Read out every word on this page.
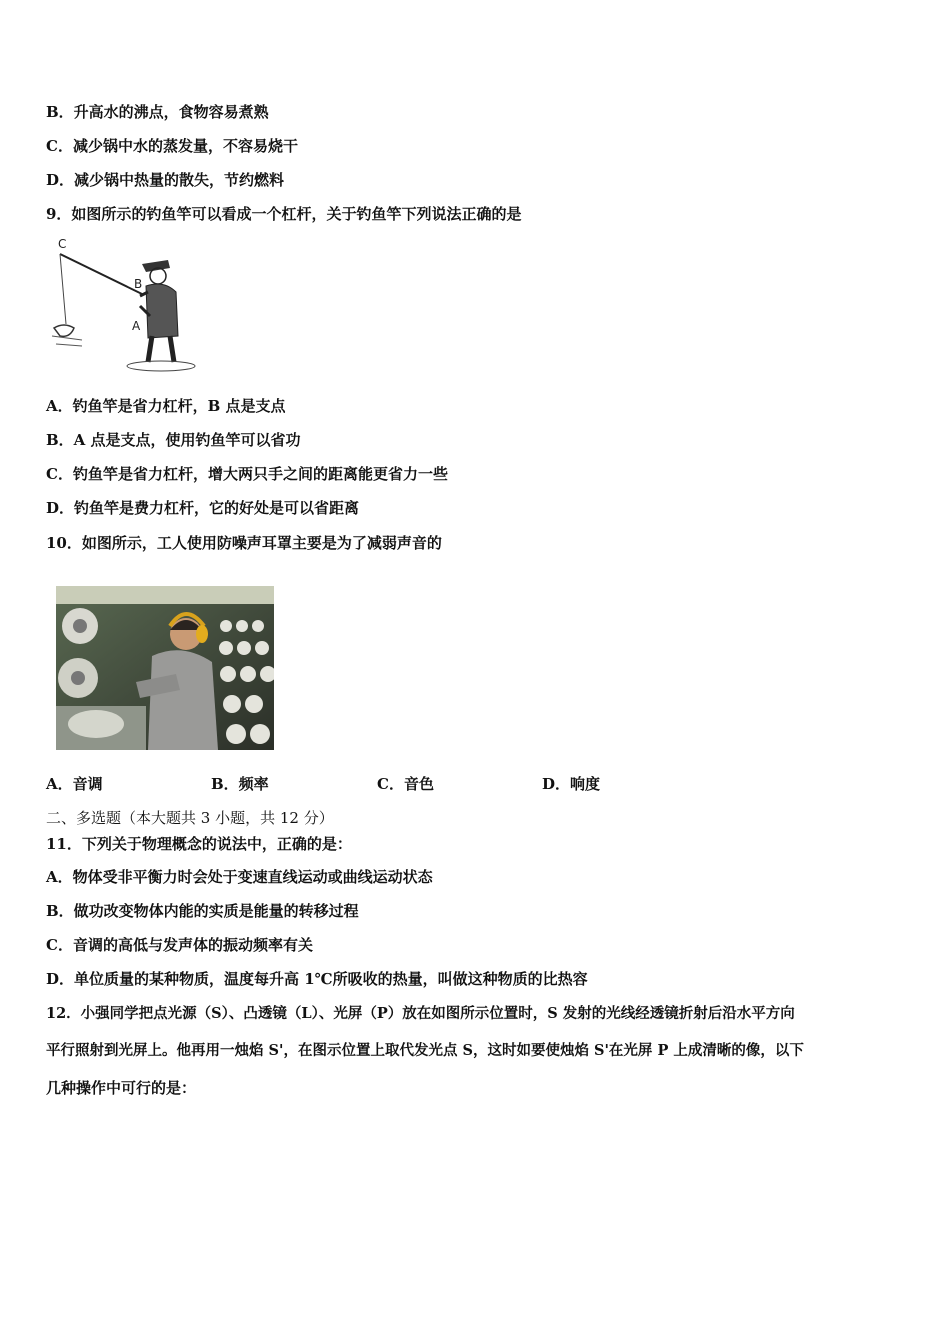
B．升高水的沸点，食物容易煮熟
C．减少锅中水的蒸发量，不容易烧干
D．减少锅中热量的散失，节约燃料
9．如图所示的钓鱼竿可以看成一个杠杆，关于钓鱼竿下列说法正确的是
C
B
A
A．钓鱼竿是省力杠杆，B 点是支点
B．A 点是支点，使用钓鱼竿可以省功
C．钓鱼竿是省力杠杆，增大两只手之间的距离能更省力一些
D．钓鱼竿是费力杠杆，它的好处是可以省距离
10．如图所示，工人使用防噪声耳罩主要是为了减弱声音的
A．音调	B．频率	C．音色	D．响度
二、多选题（本大题共 3 小题，共 12 分）
11．下列关于物理概念的说法中，正确的是：
A．物体受非平衡力时会处于变速直线运动或曲线运动状态
B．做功改变物体内能的实质是能量的转移过程
C．音调的高低与发声体的振动频率有关
D．单位质量的某种物质，温度每升高 1℃所吸收的热量，叫做这种物质的比热容
12．小强同学把点光源（S）、凸透镜（L）、光屏（P）放在如图所示位置时，S 发射的光线经透镜折射后沿水平方向
平行照射到光屏上。他再用一烛焰 S'，在图示位置上取代发光点 S，这时如要使烛焰 S'在光屏 P 上成清晰的像，以下
几种操作中可行的是：
